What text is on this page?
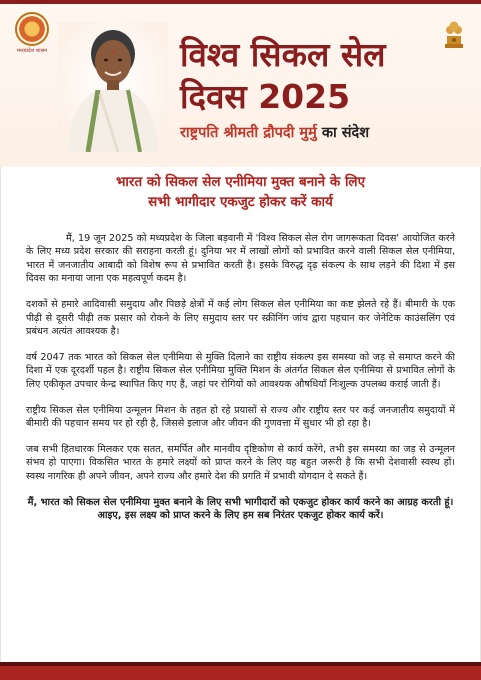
मध्यप्रदेश शासन	विश्व सिकल सेल
दिवस 2025
राष्ट्रपति श्रीमती द्रौपदी मुर्मु का संदेश
भारत को सिकल सेल एनीमिया मुक्त बनाने के लिए
सभी भागीदार एकजुट होकर करें कार्य

मैं, 19 जून 2025 को मध्यप्रदेश के जिला बड़वानी में 'विश्व सिकल सेल रोग जागरूकता दिवस' आयोजित करने के लिए मध्य प्रदेश सरकार की सराहना करती हूं। दुनिया भर में लाखों लोगों को प्रभावित करने वाली सिकल सेल एनीमिया, भारत में जनजातीय आबादी को विशेष रूप से प्रभावित करती है। इसके विरुद्ध दृढ़ संकल्प के साथ लड़ने की दिशा में इस दिवस का मनाया जाना एक महत्वपूर्ण कदम है।

दशकों से हमारे आदिवासी समुदाय और पिछड़े क्षेत्रों में कई लोग सिकल सेल एनीमिया का कष्ट झेलते रहे हैं। बीमारी के एक पीढ़ी से दूसरी पीढ़ी तक प्रसार को रोकने के लिए समुदाय स्तर पर स्क्रीनिंग जांच द्वारा पहचान कर जेनेटिक काउंसलिंग एवं प्रबंधन अत्यंत आवश्यक है।

वर्ष 2047 तक भारत को सिकल सेल एनीमिया से मुक्ति दिलाने का राष्ट्रीय संकल्प इस समस्या को जड़ से समाप्त करने की दिशा में एक दूरदर्शी पहल है। राष्ट्रीय सिकल सेल एनीमिया मुक्ति मिशन के अंतर्गत सिकल सेल एनीमिया से प्रभावित लोगों के लिए एकीकृत उपचार केन्द्र स्थापित किए गए हैं, जहां पर रोगियों को आवश्यक औषधियाँ निःशुल्क उपलब्ध कराई जाती हैं।

राष्ट्रीय सिकल सेल एनीमिया उन्मूलन मिशन के तहत हो रहे प्रयासों से राज्य और राष्ट्रीय स्तर पर कई जनजातीय समुदायों में बीमारी की पहचान समय पर हो रही है, जिससे इलाज और जीवन की गुणवत्ता में सुधार भी हो रहा है।

जब सभी हितधारक मिलकर एक सतत, समर्पित और मानवीय दृष्टिकोण से कार्य करेंगे, तभी इस समस्या का जड़ से उन्मूलन संभव हो पाएगा। विकसित भारत के हमारे लक्ष्यों को प्राप्त करने के लिए यह बहुत जरूरी है कि सभी देशवासी स्वस्थ हों। स्वस्थ नागरिक ही अपने जीवन, अपने राज्य और हमारे देश की प्रगति में प्रभावी योगदान दे सकते हैं।

मैं, भारत को सिकल सेल एनीमिया मुक्त बनाने के लिए सभी भागीदारों को एकजुट होकर कार्य करने का आग्रह करती हूं। आइए, इस लक्ष्य को प्राप्त करने के लिए हम सब निरंतर एकजुट होकर कार्य करें।
